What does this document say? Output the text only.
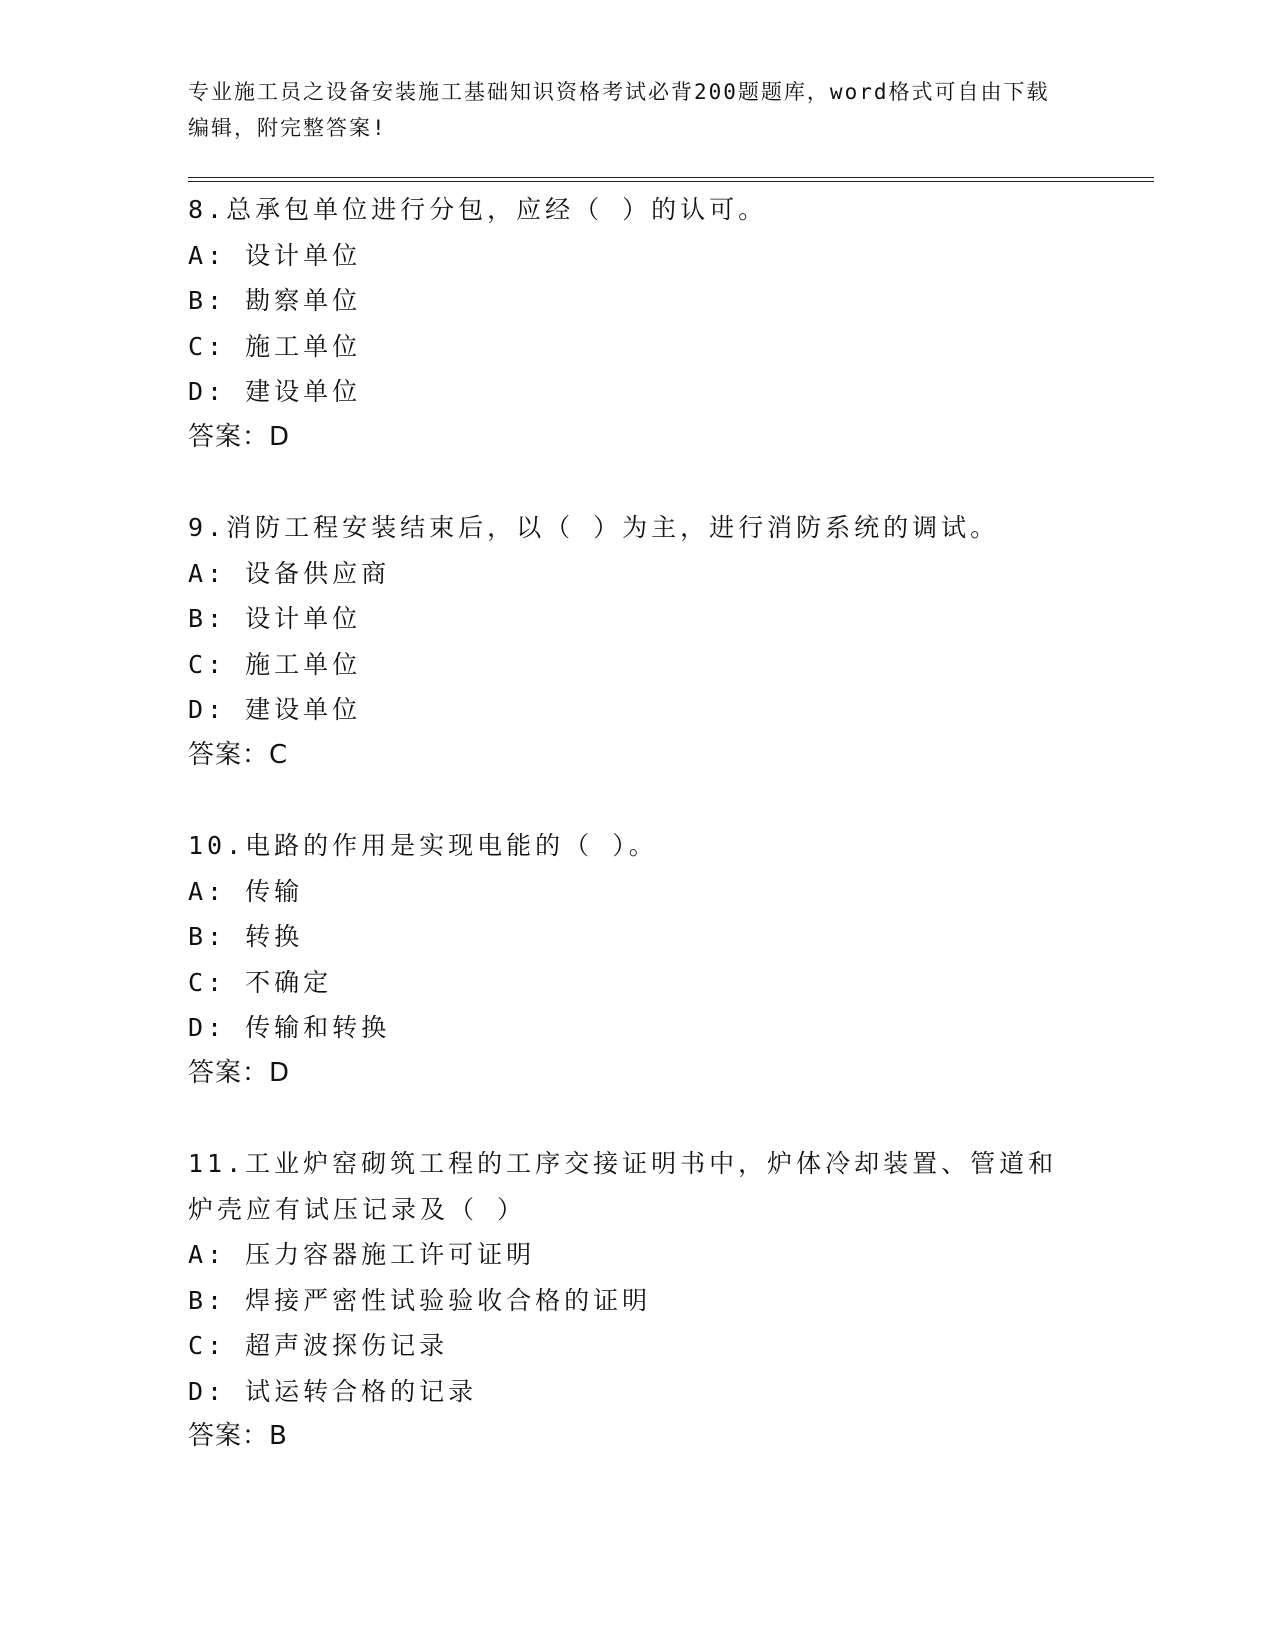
专业施工员之设备安装施工基础知识资格考试必背200题题库，word格式可自由下载编辑，附完整答案!

8.总承包单位进行分包，应经（ ）的认可。

A: 设计单位

B: 勘察单位

C: 施工单位

D: 建设单位

答案：D

9.消防工程安装结束后，以（ ）为主，进行消防系统的调试。

A: 设备供应商

B: 设计单位

C: 施工单位

D: 建设单位

答案：C

10.电路的作用是实现电能的（ ）。

A: 传输

B: 转换

C: 不确定

D: 传输和转换

答案：D

11.工业炉窑砌筑工程的工序交接证明书中，炉体冷却装置、管道和炉壳应有试压记录及（ ）

A: 压力容器施工许可证明

B: 焊接严密性试验验收合格的证明

C: 超声波探伤记录

D: 试运转合格的记录

答案：B
